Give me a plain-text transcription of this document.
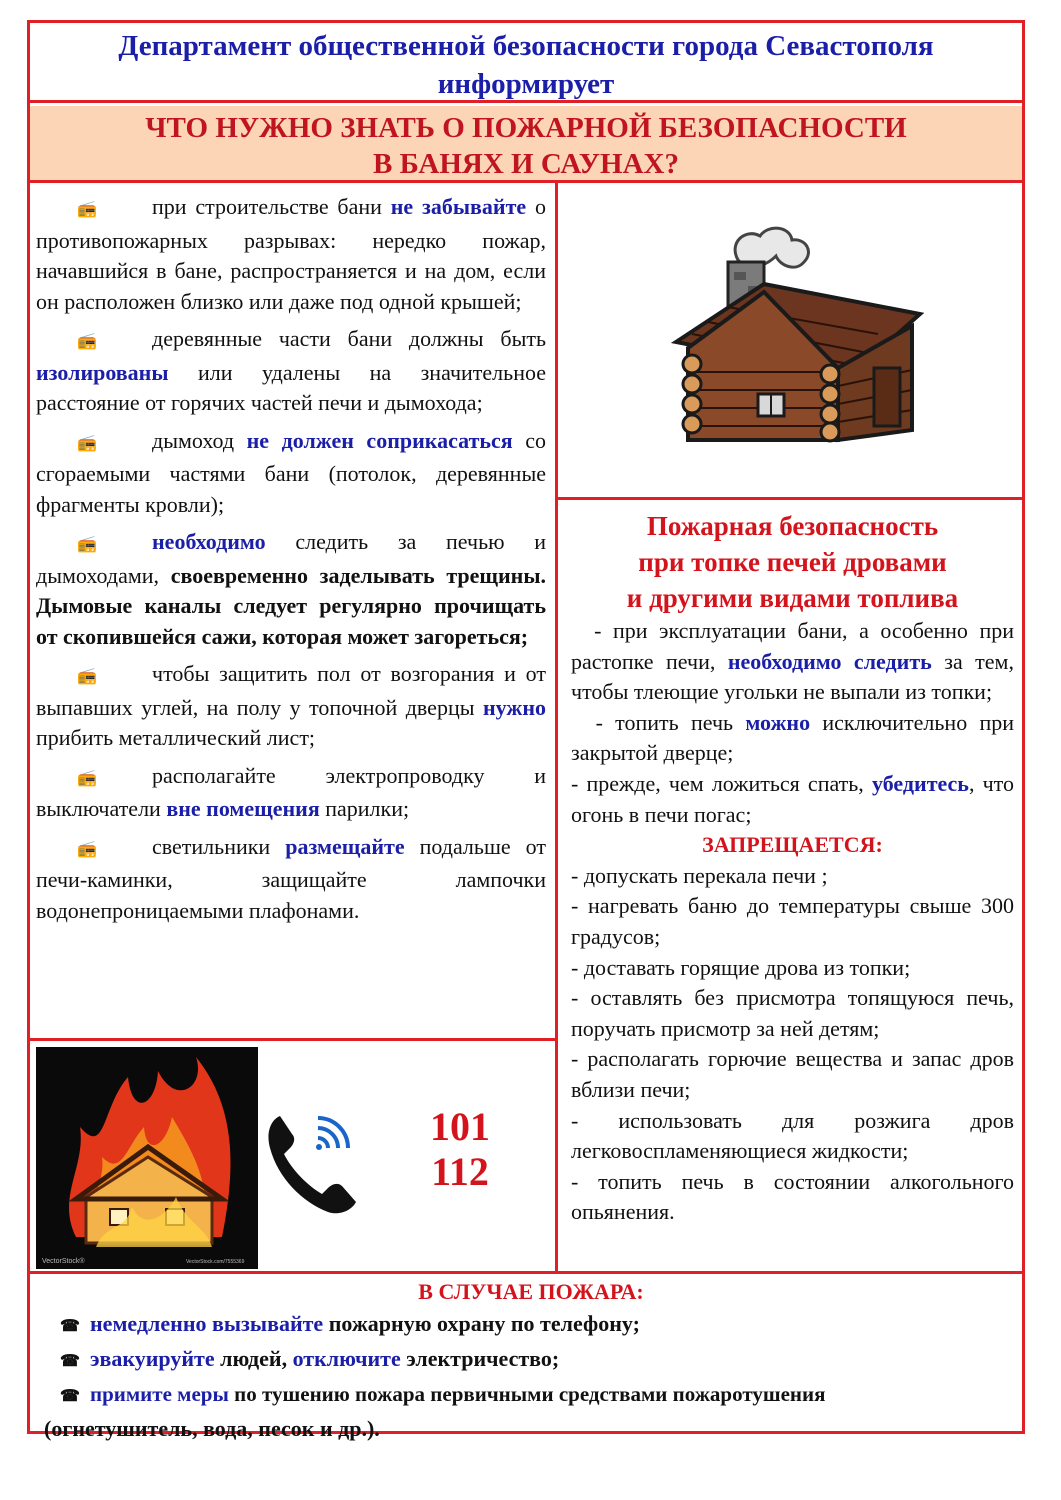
Департамент общественной безопасности города Севастополя
информирует
ЧТО НУЖНО ЗНАТЬ О ПОЖАРНОЙ БЕЗОПАСНОСТИ
В БАНЯХ И САУНАХ?

📻	при строительстве бани не забывайте о противопожарных разрывах: нередко пожар, начавшийся в бане, распространяется и на дом, если он расположен близко или даже под одной крышей;

📻	деревянные части бани должны быть изолированы или удалены на значительное расстояние от горячих частей печи и дымохода;

📻	дымоход не должен соприкасаться со сгораемыми частями бани (потолок, деревянные фрагменты кровли);

📻	необходимо следить за печью и дымоходами, своевременно заделывать трещины. Дымовые каналы следует регулярно прочищать от скопившейся сажи, которая может загореться;

📻	чтобы защитить пол от возгорания и от выпавших углей, на полу у топочной дверцы нужно прибить металлический лист;

📻	располагайте электропроводку и выключатели вне помещения парилки;

📻	светильники размещайте подальше от печи-каминки, защищайте лампочки водонепроницаемыми плафонами.

Пожарная безопасность
при топке печей дровами
и другими видами топлива

- при эксплуатации бани, а особенно при растопке печи, необходимо следить за тем, чтобы тлеющие угольки не выпали из топки;

- топить печь можно исключительно при закрытой дверце;

- прежде, чем ложиться спать, убедитесь, что огонь в печи погас;

ЗАПРЕЩАЕТСЯ:

- допускать перекала печи ;

- нагревать баню до температуры свыше 300 градусов;

- доставать горящие дрова из топки;

- оставлять без присмотра топящуюся печь, поручать присмотр за ней детям;

- располагать горючие вещества и запас дров вблизи печи;

- использовать для розжига дров легковоспламеняющиеся жидкости;

- топить печь в состоянии алкогольного опьянения.

VectorStock®	VectorStock.com/7555369
101
112

В СЛУЧАЕ ПОЖАРА:

☎ немедленно вызывайте пожарную охрану по телефону;

☎ эвакуируйте людей, отключите электричество;

☎ примите меры по тушению пожара первичными средствами пожаротушения

(огнетушитель, вода, песок и др.).
